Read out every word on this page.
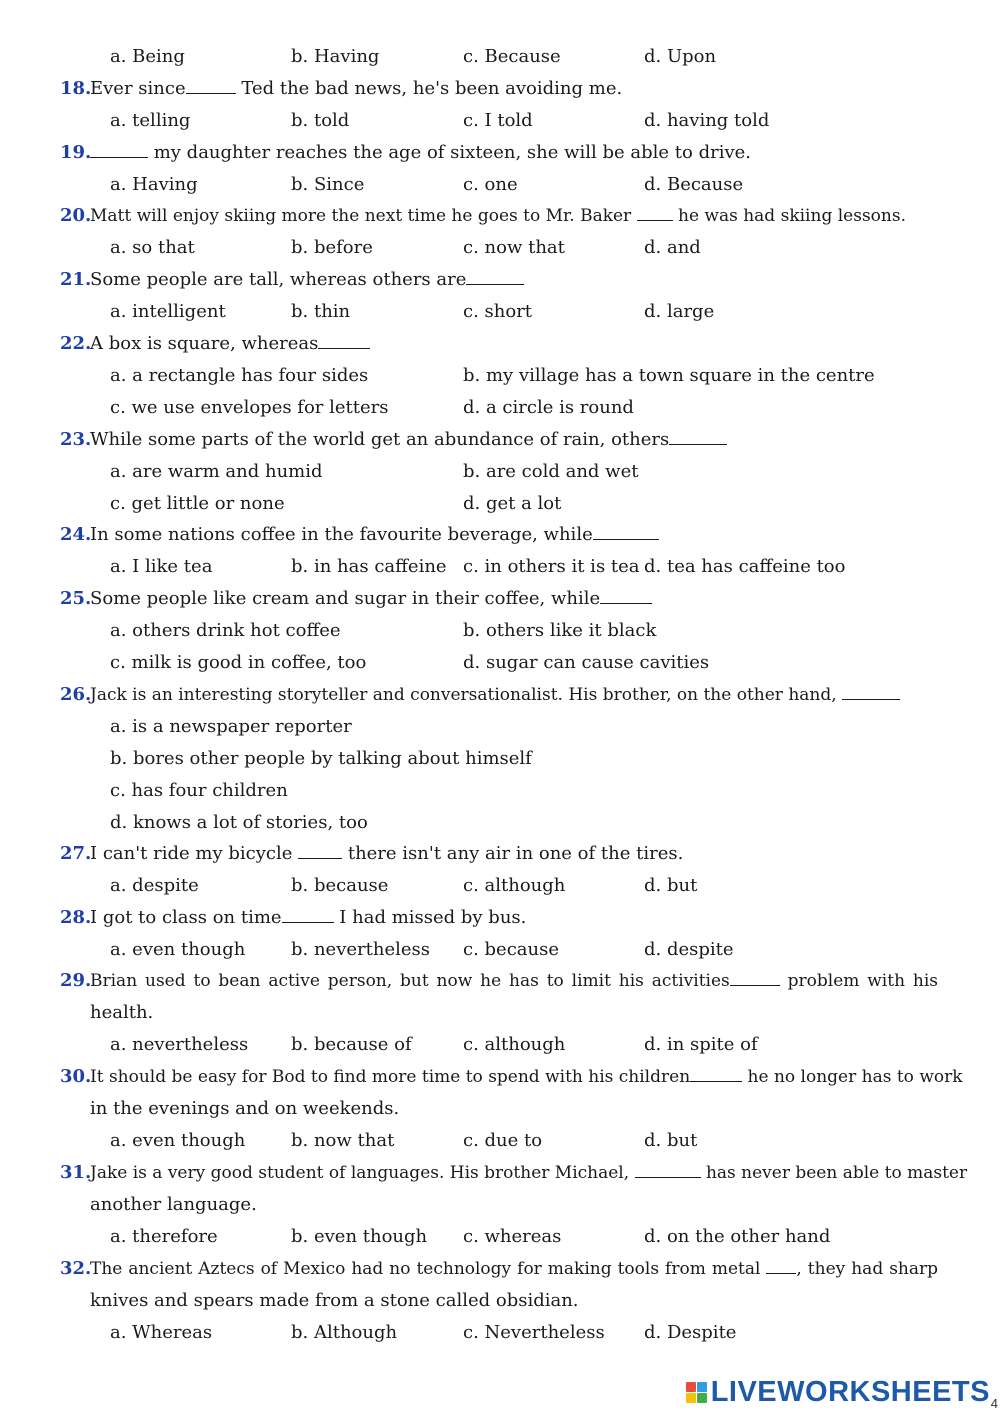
a. Being	b. Having	c. Because	d. Upon
18.
Ever since	Ted the bad news, he's been avoiding me.
a. telling	b. told	c. I told	d. having told
19.	my daughter reaches the age of sixteen, she will be able to drive.
a. Having	b. Since	c. one	d. Because
20.
Matt will enjoy skiing more the next time he goes to Mr. Baker  he was had skiing lessons.
a. so that	b. before	c. now that	d. and
21.
Some people are tall, whereas others are
a. intelligent	b. thin	c. short	d. large
22.
A box is square, whereas
a. a rectangle has four sides	b. my village has a town square in the centre
c. we use envelopes for letters	d. a circle is round
23.
While some parts of the world get an abundance of rain, others
a. are warm and humid	b. are cold and wet
c. get little or none	d. get a lot
24.
In some nations coffee in the favourite beverage, while
a. I like tea	b. in has caffeine c. in others it is tea d. tea has caffeine too
25.
Some people like cream and sugar in their coffee, while
a. others drink hot coffee	b. others like it black
c. milk is good in coffee, too	d. sugar can cause cavities
26.
Jack is an interesting storyteller and conversationalist. His brother, on the other hand,
a. is a newspaper reporter
b. bores other people by talking about himself
c. has four children
d. knows a lot of stories, too
27.
I can't ride my bicycle  there isn't any air in one of the tires.
a. despite	b. because	c. although	d. but
28.
I got to class on time	I had missed by bus.
a. even though	b. nevertheless c. because	d. despite
29.
Brian used to bean active person, but now he has to limit his activities	problem with his
health.
a. nevertheless b. because of	c. although	d. in spite of
30.
It should be easy for Bod to find more time to spend with his children	he no longer has to work
in the evenings and on weekends.
a. even though	b. now that	c. due to	d. but
31.
Jake is a very good student of languages. His brother Michael,	has never been able to master
another language.
a. therefore	b. even though c. whereas	d. on the other hand
32.
The ancient Aztecs of Mexico had no technology for making tools from metal , they had sharp
knives and spears made from a stone called obsidian.
a. Whereas	b. Although	c. Nevertheless d. Despite
LIVEWORKSHEETS 4
